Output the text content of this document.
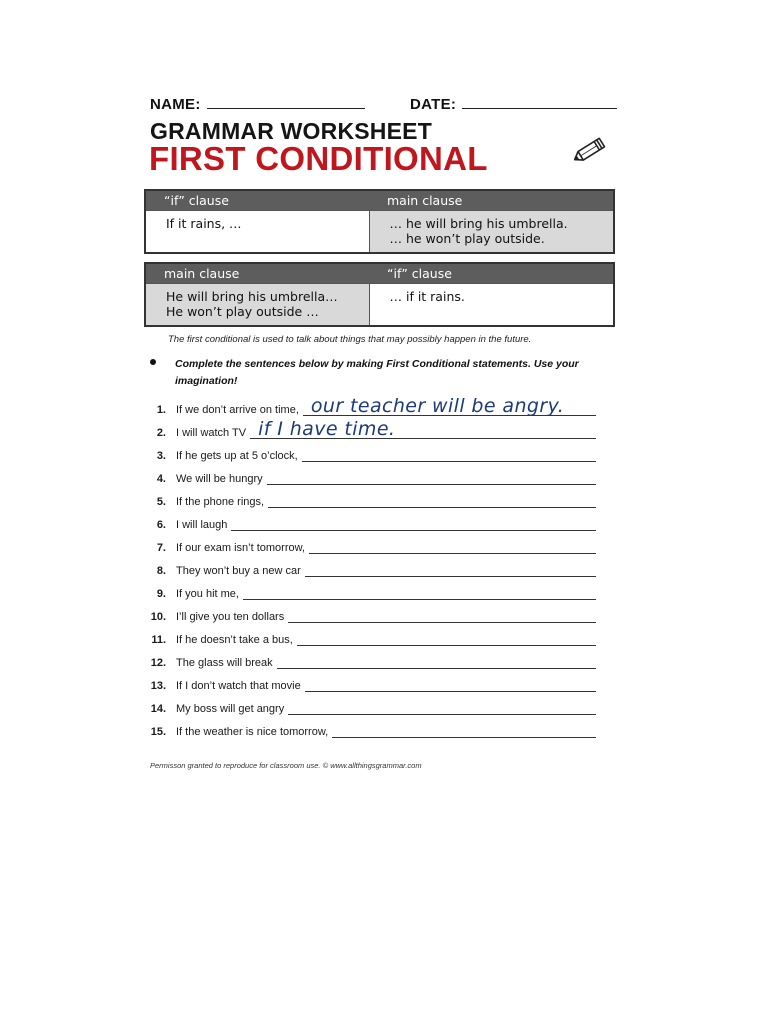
NAME:	DATE:
GRAMMAR WORKSHEET
FIRST CONDITIONAL
“if” clause	main clause

If it rains, …	… he will bring his umbrella.
… he won’t play outside.
main clause	“if” clause

He will bring his umbrella…
He won’t play outside …	… if it rains.
The first conditional is used to talk about things that may possibly happen in the future.
Complete the sentences below by making First Conditional statements. Use your imagination!
1. If we don’t arrive on time, our teacher will be angry.
2. I will watch TV if I have time.
3. If he gets up at 5 o’clock,
4. We will be hungry
5. If the phone rings,
6. I will laugh
7. If our exam isn’t tomorrow,
8. They won’t buy a new car
9. If you hit me,
10. I’ll give you ten dollars
11. If he doesn’t take a bus,
12. The glass will break
13. If I don’t watch that movie
14. My boss will get angry
15. If the weather is nice tomorrow,
Permisson granted to reproduce for classroom use. © www.allthingsgrammar.com
